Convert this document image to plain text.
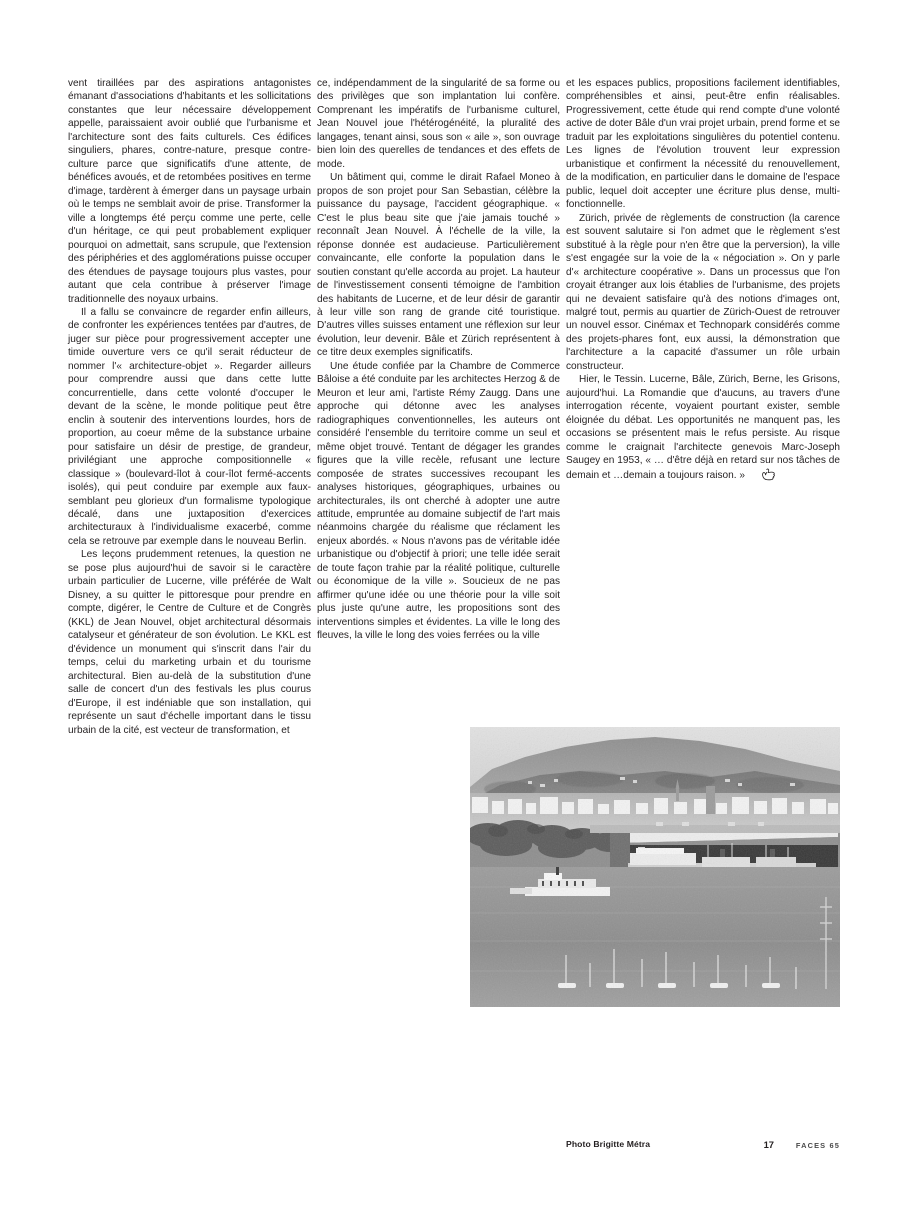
vent tiraillées par des aspirations antagonistes émanant d'associations d'habitants et les sollicitations constantes que leur nécessaire développement appelle, paraissaient avoir oublié que l'urbanisme et l'architecture sont des faits culturels. Ces édifices singuliers, phares, contre-nature, presque contre-culture parce que significatifs d'une attente, de bénéfices avoués, et de retombées positives en terme d'image, tardèrent à émerger dans un paysage urbain où le temps ne semblait avoir de prise. Transformer la ville a longtemps été perçu comme une perte, celle d'un héritage, ce qui peut probablement expliquer pourquoi on admettait, sans scrupule, que l'extension des périphéries et des agglomérations puisse occuper des étendues de paysage toujours plus vastes, pour autant que cela contribue à préserver l'image traditionnelle des noyaux urbains.

Il a fallu se convaincre de regarder enfin ailleurs, de confronter les expériences tentées par d'autres, de juger sur pièce pour progressivement accepter une timide ouverture vers ce qu'il serait réducteur de nommer l'« architecture-objet ». Regarder ailleurs pour comprendre aussi que dans cette lutte concurrentielle, dans cette volonté d'occuper le devant de la scène, le monde politique peut être enclin à soutenir des interventions lourdes, hors de proportion, au coeur même de la substance urbaine pour satisfaire un désir de prestige, de grandeur, privilégiant une approche compositionnelle « classique » (boulevard-îlot à cour-îlot fermé-accents isolés), qui peut conduire par exemple aux faux-semblant peu glorieux d'un formalisme typologique décalé, dans une juxtaposition d'exercices architecturaux à l'individualisme exacerbé, comme cela se retrouve par exemple dans le nouveau Berlin.

Les leçons prudemment retenues, la question ne se pose plus aujourd'hui de savoir si le caractère urbain particulier de Lucerne, ville préférée de Walt Disney, a su quitter le pittoresque pour prendre en compte, digérer, le Centre de Culture et de Congrès (KKL) de Jean Nouvel, objet architectural désormais catalyseur et générateur de son évolution. Le KKL est d'évidence un monument qui s'inscrit dans l'air du temps, celui du marketing urbain et du tourisme architectural. Bien au-delà de la substitution d'une salle de concert d'un des festivals les plus courus d'Europe, il est indéniable que son installation, qui représente un saut d'échelle important dans le tissu urbain de la cité, est vecteur de transformation, et

ce, indépendamment de la singularité de sa forme ou des privilèges que son implantation lui confère. Comprenant les impératifs de l'urbanisme culturel, Jean Nouvel joue l'hétérogénéité, la pluralité des langages, tenant ainsi, sous son « aile », son ouvrage bien loin des querelles de tendances et des effets de mode.

Un bâtiment qui, comme le dirait Rafael Moneo à propos de son projet pour San Sebastian, célèbre la puissance du paysage, l'accident géographique. « C'est le plus beau site que j'aie jamais touché » reconnaît Jean Nouvel. À l'échelle de la ville, la réponse donnée est audacieuse. Particulièrement convaincante, elle conforte la population dans le soutien constant qu'elle accorda au projet. La hauteur de l'investissement consenti témoigne de l'ambition des habitants de Lucerne, et de leur désir de garantir à leur ville son rang de grande cité touristique. D'autres villes suisses entament une réflexion sur leur évolution, leur devenir. Bâle et Zürich représentent à ce titre deux exemples significatifs.

Une étude confiée par la Chambre de Commerce Bâloise a été conduite par les architectes Herzog & de Meuron et leur ami, l'artiste Rémy Zaugg. Dans une approche qui détonne avec les analyses radiographiques conventionnelles, les auteurs ont considéré l'ensemble du territoire comme un seul et même objet trouvé. Tentant de dégager les grandes figures que la ville recèle, refusant une lecture composée de strates successives recoupant les analyses historiques, géographiques, urbaines ou architecturales, ils ont cherché à adopter une autre attitude, empruntée au domaine subjectif de l'art mais néanmoins chargée du réalisme que réclament les enjeux abordés. « Nous n'avons pas de véritable idée urbanistique ou d'objectif à priori; une telle idée serait de toute façon trahie par la réalité politique, culturelle ou économique de la ville ». Soucieux de ne pas affirmer qu'une idée ou une théorie pour la ville soit plus juste qu'une autre, les propositions sont des interventions simples et évidentes. La ville le long des fleuves, la ville le long des voies ferrées ou la ville

et les espaces publics, propositions facilement identifiables, compréhensibles et ainsi, peut-être enfin réalisables. Progressivement, cette étude qui rend compte d'une volonté active de doter Bâle d'un vrai projet urbain, prend forme et se traduit par les exploitations singulières du potentiel contenu. Les lignes de l'évolution trouvent leur expression urbanistique et confirment la nécessité du renouvellement, de la modification, en particulier dans le domaine de l'espace public, lequel doit accepter une écriture plus dense, multi-fonctionnelle.

Zürich, privée de règlements de construction (la carence est souvent salutaire si l'on admet que le règlement s'est substitué à la règle pour n'en être que la perversion), la ville s'est engagée sur la voie de la « négociation ». On y parle d'« architecture coopérative ». Dans un processus que l'on croyait étranger aux lois établies de l'urbanisme, des projets qui ne devaient satisfaire qu'à des notions d'images ont, malgré tout, permis au quartier de Zürich-Ouest de retrouver un nouvel essor. Cinémax et Technopark considérés comme des projets-phares font, eux aussi, la démonstration que l'architecture a la capacité d'assumer un rôle urbain constructeur.

Hier, le Tessin. Lucerne, Bâle, Zürich, Berne, les Grisons, aujourd'hui. La Romandie que d'aucuns, au travers d'une interrogation récente, voyaient pourtant exister, semble éloignée du débat. Les opportunités ne manquent pas, les occasions se présentent mais le refus persiste. Au risque comme le craignait l'architecte genevois Marc-Joseph Saugey en 1953, « … d'être déjà en retard sur nos tâches de demain et …demain a toujours raison. »

Photo Brigitte Métra	17	FACES 65
